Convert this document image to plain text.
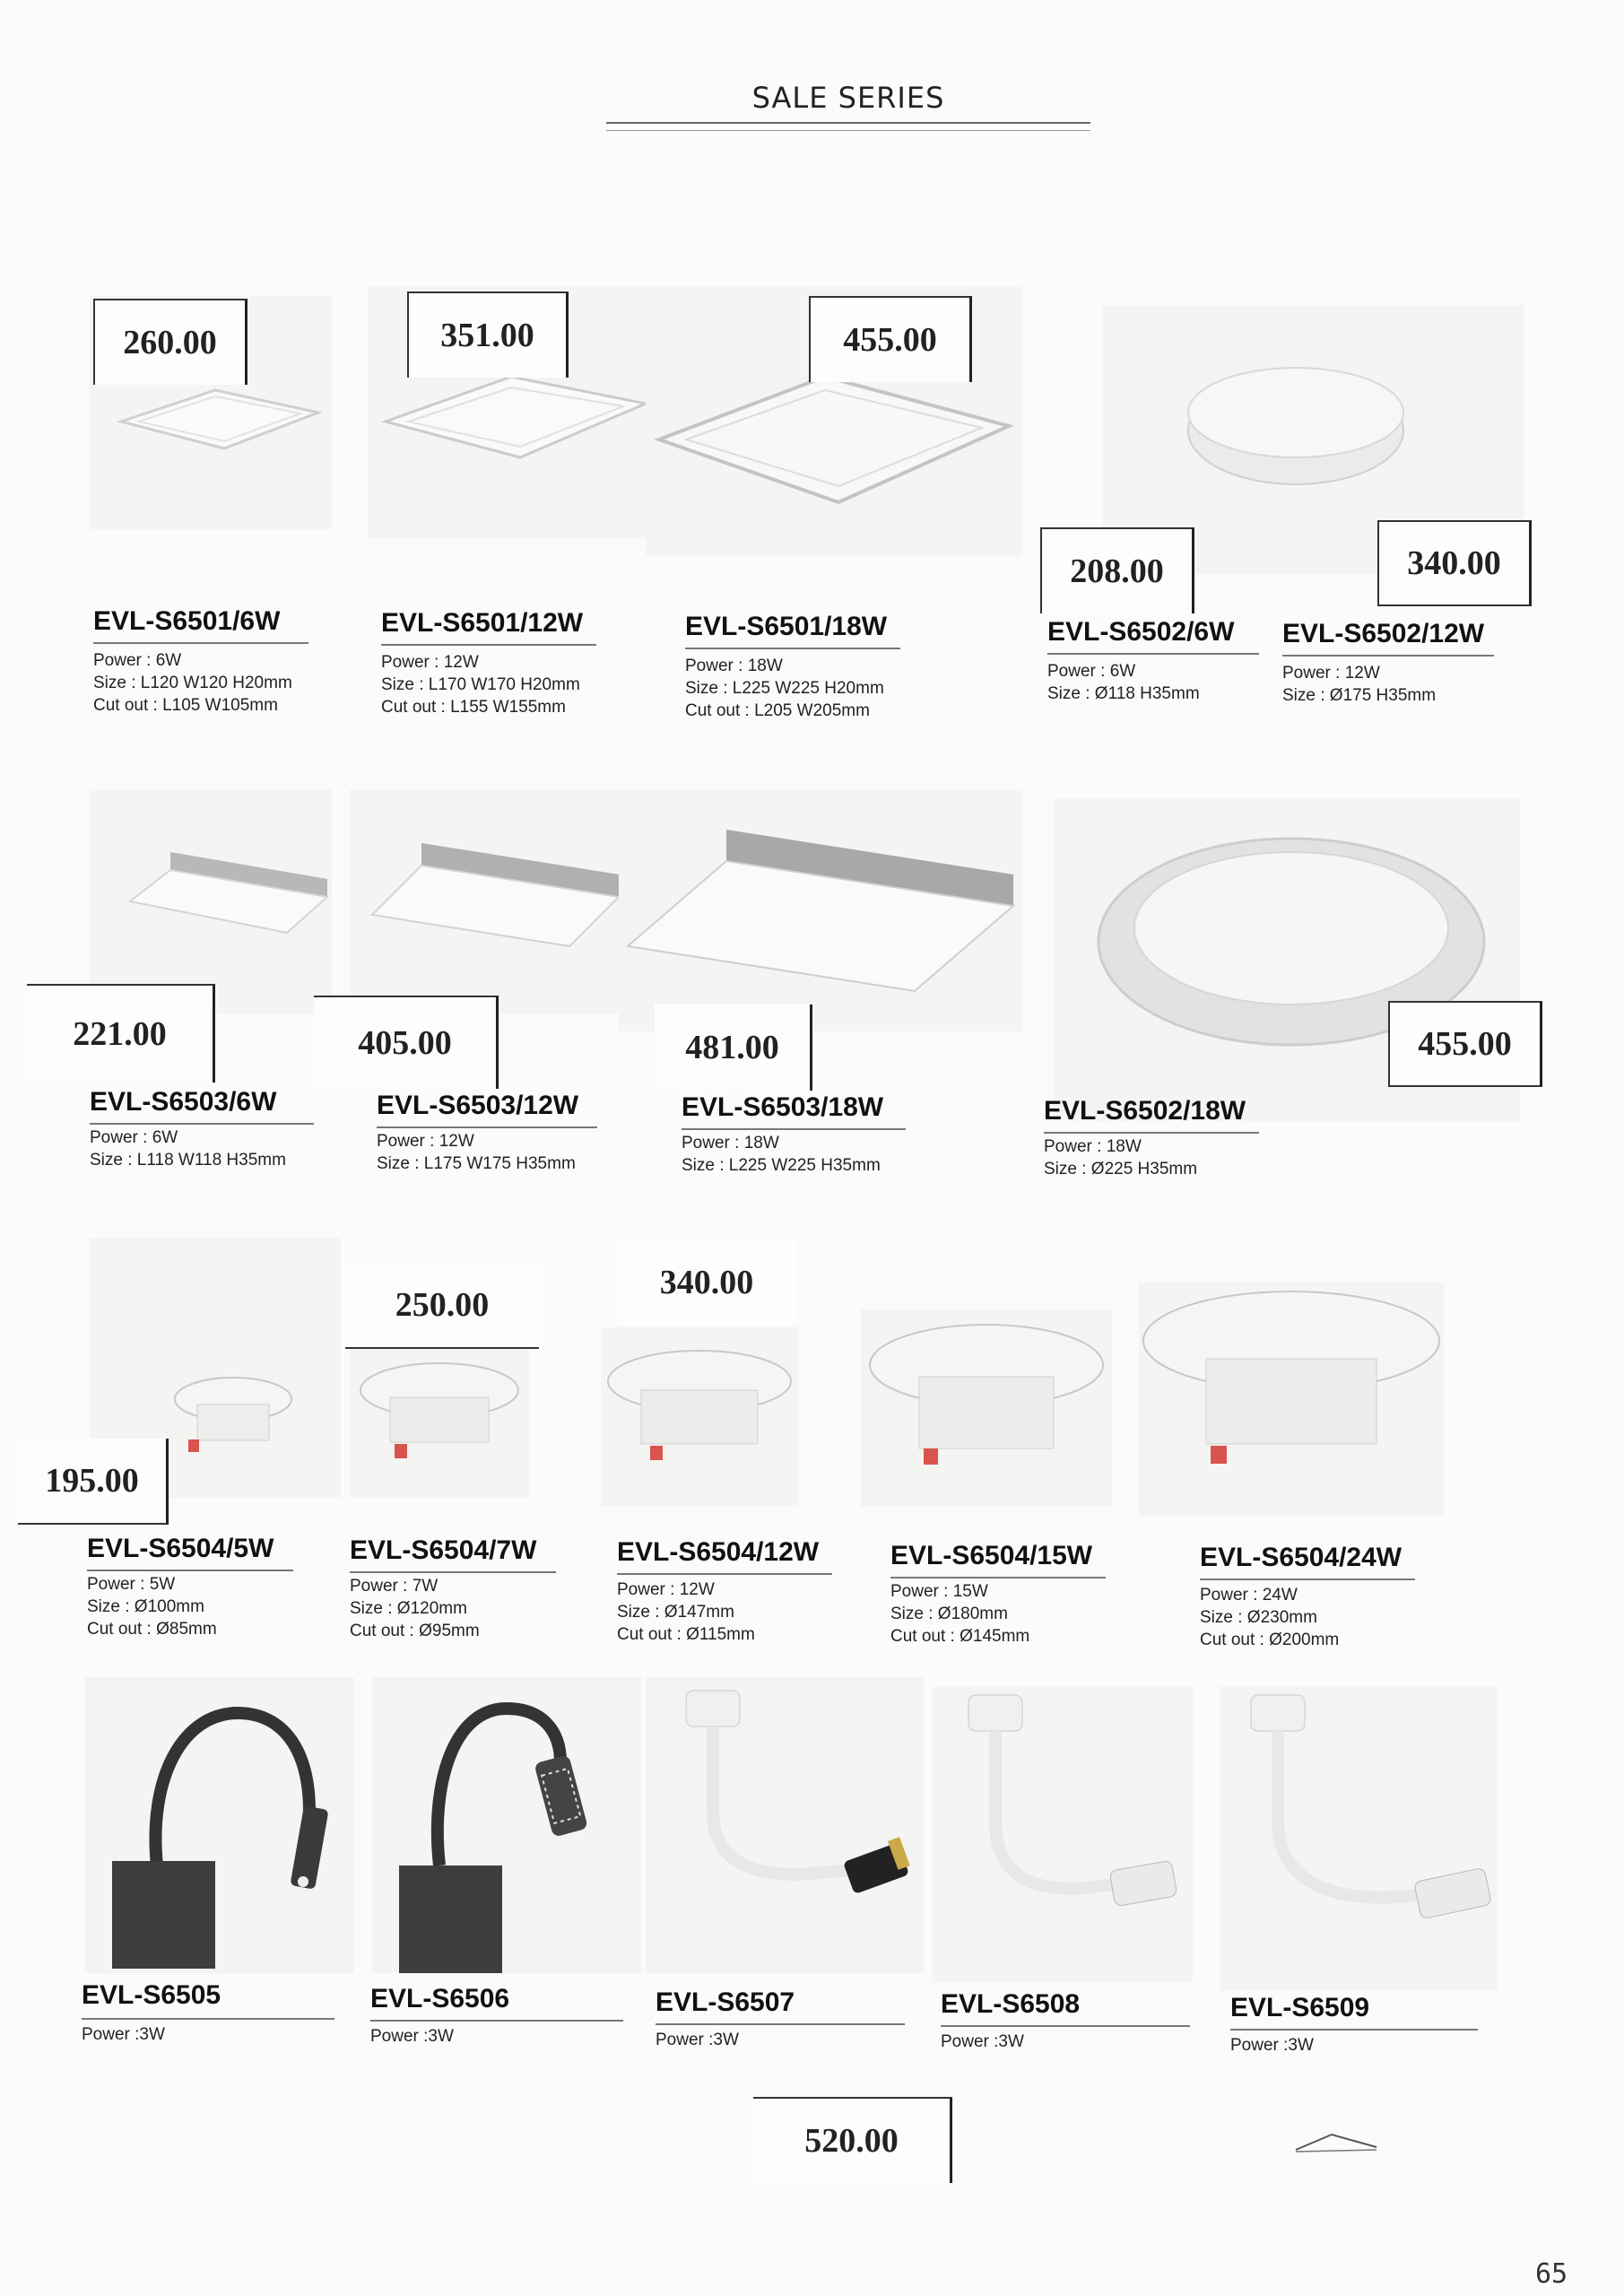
SALE SERIES
260.00	351.00	455.00
208.00	340.00
EVL-S6501/6W
Power : 6W
Size : L120 W120 H20mm
Cut out : L105 W105mm
EVL-S6501/12W
Power : 12W
Size : L170 W170 H20mm
Cut out : L155 W155mm
EVL-S6501/18W
Power : 18W
Size : L225 W225 H20mm
Cut out : L205 W205mm
EVL-S6502/6W
Power : 6W
Size : Ø118 H35mm
EVL-S6502/12W
Power : 12W
Size : Ø175 H35mm
221.00	405.00	481.00	455.00
EVL-S6503/6W
Power : 6W
Size : L118 W118 H35mm
EVL-S6503/12W
Power : 12W
Size : L175 W175 H35mm
EVL-S6503/18W
Power : 18W
Size : L225 W225 H35mm
EVL-S6502/18W
Power : 18W
Size : Ø225 H35mm
195.00
250.00
340.00
EVL-S6504/5W
Power : 5W
Size : Ø100mm
Cut out : Ø85mm
EVL-S6504/7W
Power : 7W
Size : Ø120mm
Cut out : Ø95mm
EVL-S6504/12W
Power : 12W
Size : Ø147mm
Cut out : Ø115mm
EVL-S6504/15W
Power : 15W
Size : Ø180mm
Cut out : Ø145mm
EVL-S6504/24W
Power : 24W
Size : Ø230mm
Cut out : Ø200mm
EVL-S6505
Power :3W
EVL-S6506
Power :3W
EVL-S6507
Power :3W
EVL-S6508
Power :3W
EVL-S6509
Power :3W
520.00
65
